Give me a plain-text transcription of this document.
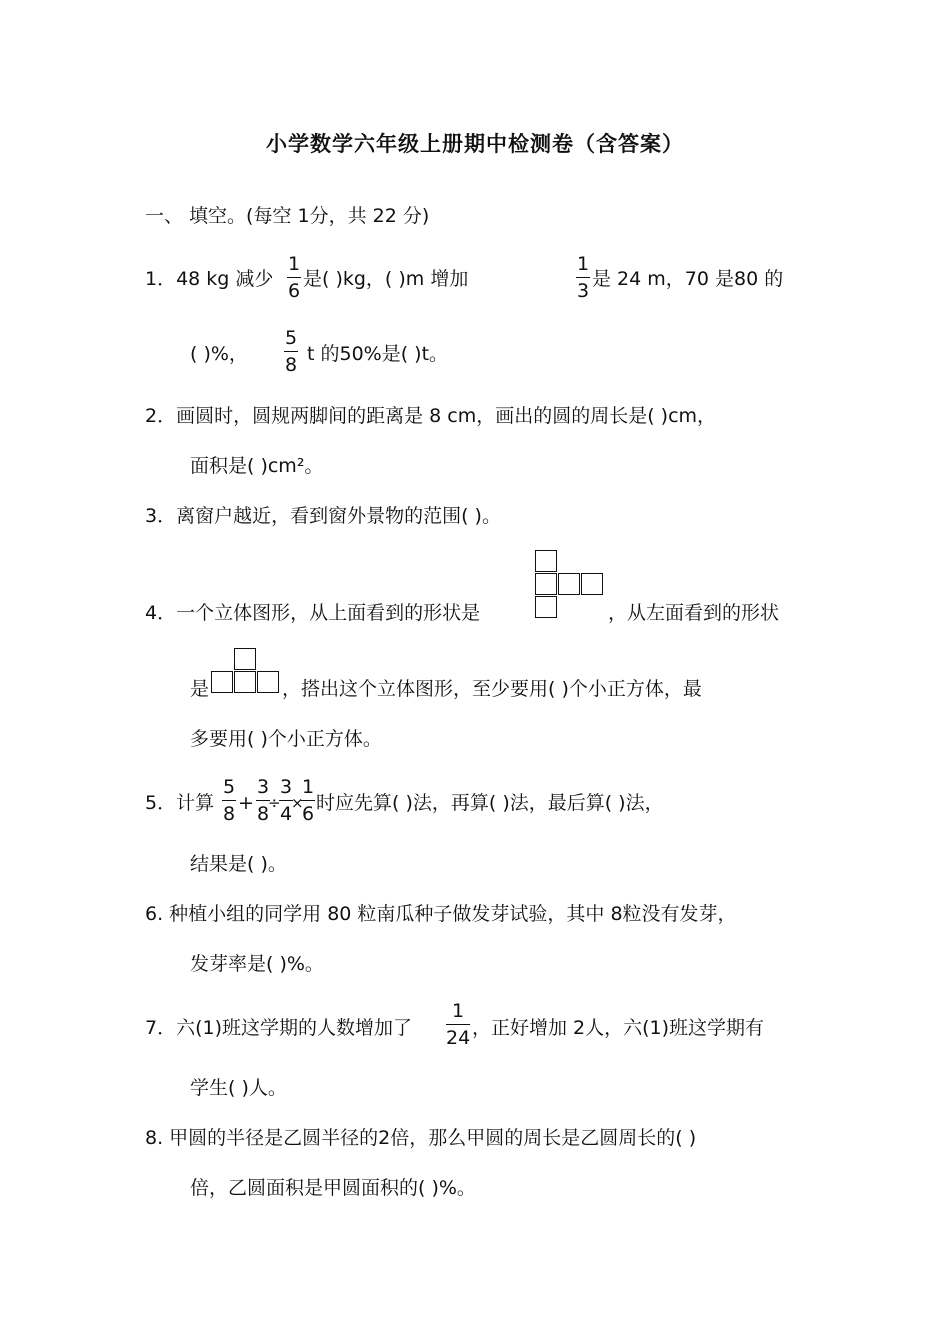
小学数学六年级上册期中检测卷（含答案）
一、 填空。(每空 1分，共 22 分)
1．48 kg 减少
1
6
是( )kg，( )m 增加
1
3
是 24 m，70 是80 的
( )%，
5
8 t 的50%是( )t。
2．画圆时，圆规两脚间的距离是 8 cm，画出的圆的周长是( )cm，
面积是( )cm²。
3．离窗户越近，看到窗外景物的范围( )。
4．一个立体图形，从上面看到的形状是	，从左面看到的形状
是	，搭出这个立体图形，至少要用( )个小正方体，最
多要用( )个小正方体。
5．计算
5
8 +
3
8
÷
3
4
×
1
6 时应先算( )法，再算( )法，最后算( )法，
结果是( )。
6. 种植小组的同学用 80 粒南瓜种子做发芽试验，其中 8粒没有发芽，
发芽率是( )%。
7．六(1)班这学期的人数增加了
1
24 ，正好增加 2人，六(1)班这学期有
学生( )人。
8. 甲圆的半径是乙圆半径的2倍，那么甲圆的周长是乙圆周长的( )
倍，乙圆面积是甲圆面积的( )%。
